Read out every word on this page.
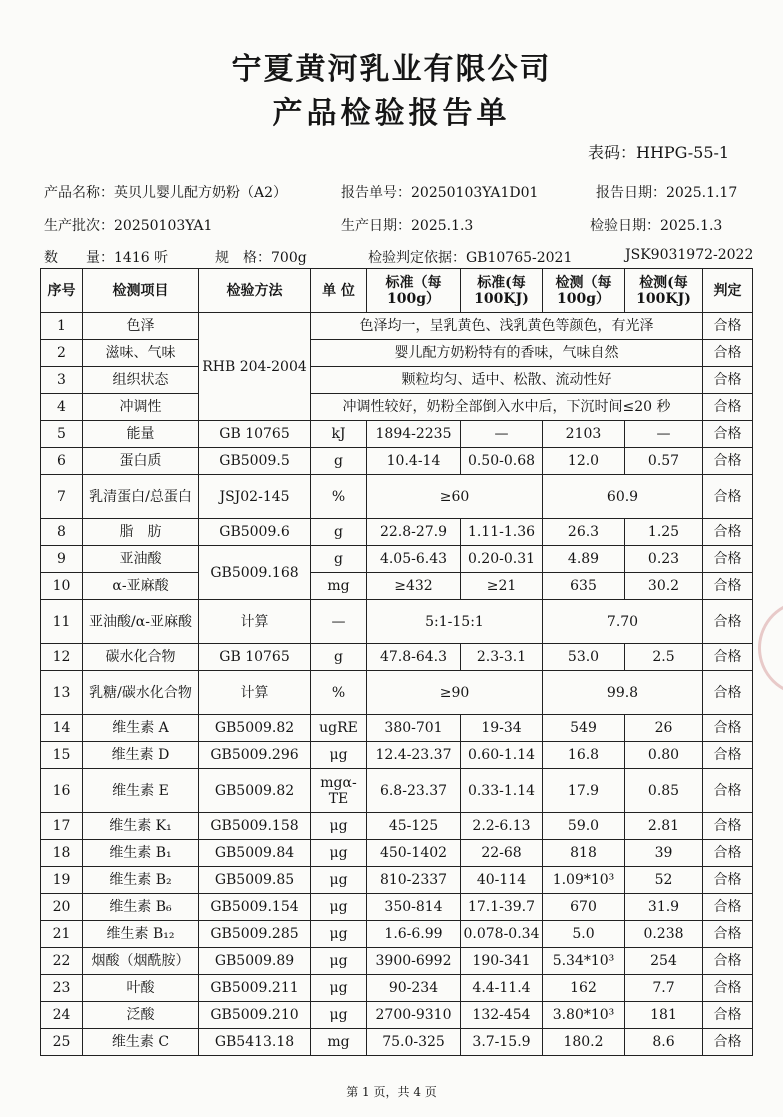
宁夏黄河乳业有限公司
产品检验报告单
表码：HHPG-55-1
产品名称：英贝儿婴儿配方奶粉（A2）	报告单号：20250103YA1D01	报告日期：2025.1.17
生产批次：20250103YA1	生产日期：2025.1.3	检验日期：2025.1.3
数　　量：1416 听	规　格：700g	检验判定依据：GB10765-2021	JSK9031972-2022
序号	检测项目	检验方法	单 位	标准（每100g）	标准(每100KJ)	检测（每100g）	检测(每100KJ)	判定
1	色泽	RHB 204-2004	色泽均一，呈乳黄色、浅乳黄色等颜色，有光泽					合格
2	滋味、气味		婴儿配方奶粉特有的香味，气味自然					合格
3	组织状态		颗粒均匀、适中、松散、流动性好					合格
4	冲调性		冲调性较好，奶粉全部倒入水中后，下沉时间≤20 秒					合格
5	能量	GB 10765	kJ	1894-2235	—	2103	—	合格
6	蛋白质	GB5009.5	g	10.4-14	0.50-0.68	12.0	0.57	合格
7	乳清蛋白/总蛋白	JSJ02-145	%	≥60		60.9		合格
8	脂　肪	GB5009.6	g	22.8-27.9	1.11-1.36	26.3	1.25	合格
9	亚油酸	GB5009.168	g	4.05-6.43	0.20-0.31	4.89	0.23	合格
10	α-亚麻酸		mg	≥432	≥21	635	30.2	合格
11	亚油酸/α-亚麻酸	计算	—	5:1-15:1		7.70		合格
12	碳水化合物	GB 10765	g	47.8-64.3	2.3-3.1	53.0	2.5	合格
13	乳糖/碳水化合物	计算	%	≥90		99.8		合格
14	维生素 A	GB5009.82	ugRE	380-701	19-34	549	26	合格
15	维生素 D	GB5009.296	μg	12.4-23.37	0.60-1.14	16.8	0.80	合格
16	维生素 E	GB5009.82	mgα-TE	6.8-23.37	0.33-1.14	17.9	0.85	合格
17	维生素 K₁	GB5009.158	μg	45-125	2.2-6.13	59.0	2.81	合格
18	维生素 B₁	GB5009.84	μg	450-1402	22-68	818	39	合格
19	维生素 B₂	GB5009.85	μg	810-2337	40-114	1.09*10³	52	合格
20	维生素 B₆	GB5009.154	μg	350-814	17.1-39.7	670	31.9	合格
21	维生素 B₁₂	GB5009.285	μg	1.6-6.99	0.078-0.34	5.0	0.238	合格
22	烟酸（烟酰胺）	GB5009.89	μg	3900-6992	190-341	5.34*10³	254	合格
23	叶酸	GB5009.211	μg	90-234	4.4-11.4	162	7.7	合格
24	泛酸	GB5009.210	μg	2700-9310	132-454	3.80*10³	181	合格
25	维生素 C	GB5413.18	mg	75.0-325	3.7-15.9	180.2	8.6	合格
第 1 页，共 4 页
